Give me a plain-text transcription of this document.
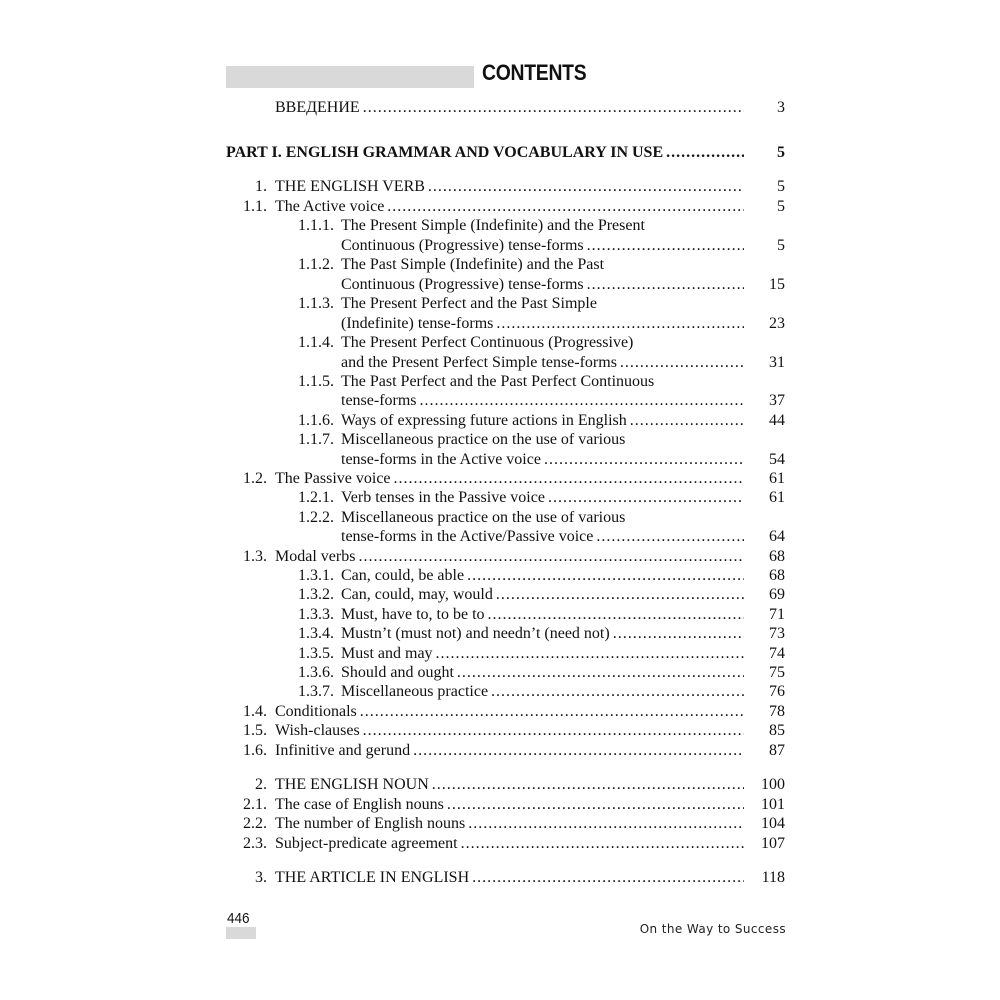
CONTENTS
ВВЕДЕНИЕ .....	3
PART I. ENGLISH GRAMMAR AND VOCABULARY IN USE .....	5
1. THE ENGLISH VERB .....	5
1.1. The Active voice .....	5
1.1.1. The Present Simple (Indefinite) and the Present
Continuous (Progressive) tense-forms .....	5
1.1.2. The Past Simple (Indefinite) and the Past
Continuous (Progressive) tense-forms .....	15
1.1.3. The Present Perfect and the Past Simple
(Indefinite) tense-forms .....	23
1.1.4. The Present Perfect Continuous (Progressive)
and the Present Perfect Simple tense-forms .....	31
1.1.5. The Past Perfect and the Past Perfect Continuous
tense-forms .....	37
1.1.6. Ways of expressing future actions in English .....	44
1.1.7. Miscellaneous practice on the use of various
tense-forms in the Active voice .....	54
1.2. The Passive voice .....	61
1.2.1. Verb tenses in the Passive voice .....	61
1.2.2. Miscellaneous practice on the use of various
tense-forms in the Active/Passive voice .....	64
1.3. Modal verbs .....	68
1.3.1. Can, could, be able .....	68
1.3.2. Can, could, may, would .....	69
1.3.3. Must, have to, to be to .....	71
1.3.4. Mustn’t (must not) and needn’t (need not) .....	73
1.3.5. Must and may .....	74
1.3.6. Should and ought .....	75
1.3.7. Miscellaneous practice .....	76
1.4. Conditionals .....	78
1.5. Wish-clauses .....	85
1.6. Infinitive and gerund .....	87
2. THE ENGLISH NOUN .....	100
2.1. The case of English nouns .....	101
2.2. The number of English nouns .....	104
2.3. Subject-predicate agreement .....	107
3. THE ARTICLE IN ENGLISH .....	118
446
On the Way to Success
